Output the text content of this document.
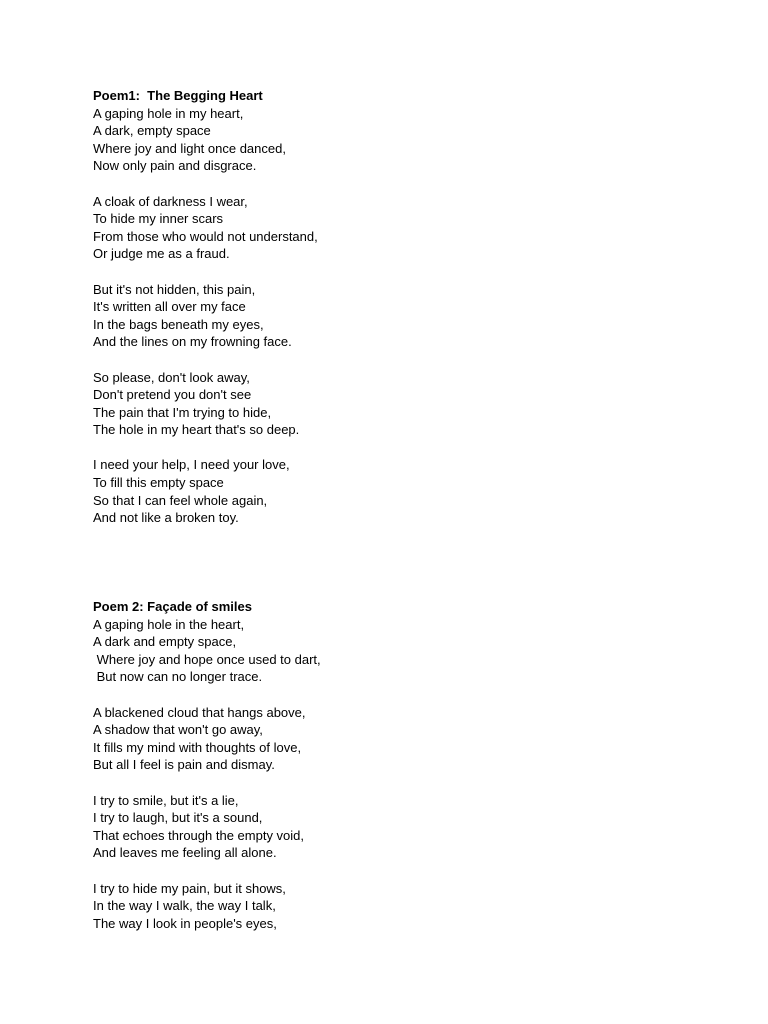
Poem1:  The Begging Heart
A gaping hole in my heart,
A dark, empty space
Where joy and light once danced,
Now only pain and disgrace.
A cloak of darkness I wear,
To hide my inner scars
From those who would not understand,
Or judge me as a fraud.
But it's not hidden, this pain,
It's written all over my face
In the bags beneath my eyes,
And the lines on my frowning face.
So please, don't look away,
Don't pretend you don't see
The pain that I'm trying to hide,
The hole in my heart that's so deep.
I need your help, I need your love,
To fill this empty space
So that I can feel whole again,
And not like a broken toy.
Poem 2: Façade of smiles
A gaping hole in the heart,
A dark and empty space,
Where joy and hope once used to dart,
But now can no longer trace.
A blackened cloud that hangs above,
A shadow that won't go away,
It fills my mind with thoughts of love,
But all I feel is pain and dismay.
I try to smile, but it's a lie,
I try to laugh, but it's a sound,
That echoes through the empty void,
And leaves me feeling all alone.
I try to hide my pain, but it shows,
In the way I walk, the way I talk,
The way I look in people's eyes,
